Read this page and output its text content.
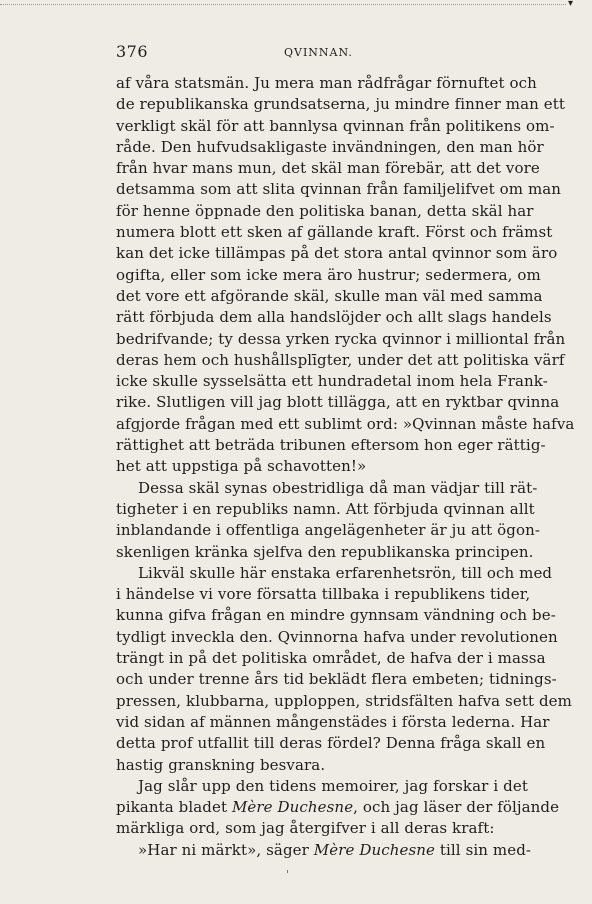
▾
376	QVINNAN.
af våra statsmän. Ju mera man rådfrågar förnuftet och
de republikanska grundsatserna, ju mindre finner man ett
verkligt skäl för att bannlysa qvinnan från politikens om-
råde. Den hufvudsakligaste invändningen, den man hör
från hvar mans mun, det skäl man förebär, att det vore
detsamma som att slita qvinnan från familjelifvet om man
för henne öppnade den politiska banan, detta skäl har
numera blott ett sken af gällande kraft. Först och främst
kan det icke tillämpas på det stora antal qvinnor som äro
ogifta, eller som icke mera äro hustrur; sedermera, om
det vore ett afgörande skäl, skulle man väl med samma
rätt förbjuda dem alla handslöjder och allt slags handels
bedrifvande; ty dessa yrken rycka qvinnor i milliontal från
deras hem och hushållsplīgter, under det att politiska värf
icke skulle sysselsätta ett hundradetal inom hela Frank-
rike. Slutligen vill jag blott tillägga, att en ryktbar qvinna
afgjorde frågan med ett sublimt ord: »Qvinnan måste hafva
rättighet att beträda tribunen eftersom hon eger rättig-
het att uppstiga på schavotten!»
Dessa skäl synas obestridliga då man vädjar till rät-
tigheter i en republiks namn. Att förbjuda qvinnan allt
inblandande i offentliga angelägenheter är ju att ögon-
skenligen kränka sjelfva den republikanska principen.
Likväl skulle här enstaka erfarenhetsrön, till och med
i händelse vi vore försatta tillbaka i republikens tider,
kunna gifva frågan en mindre gynnsam vändning och be-
tydligt inveckla den. Qvinnorna hafva under revolutionen
trängt in på det politiska området, de hafva der i massa
och under trenne års tid beklädt flera embeten; tidnings-
pressen, klubbarna, upploppen, stridsfälten hafva sett dem
vid sidan af männen mångenstädes i första lederna. Har
detta prof utfallit till deras fördel? Denna fråga skall en
hastig granskning besvara.
Jag slår upp den tidens memoirer, jag forskar i det
pikanta bladet Mère Duchesne, och jag läser der följande
märkliga ord, som jag återgifver i all deras kraft:
»Har ni märkt», säger Mère Duchesne till sin med-
'
